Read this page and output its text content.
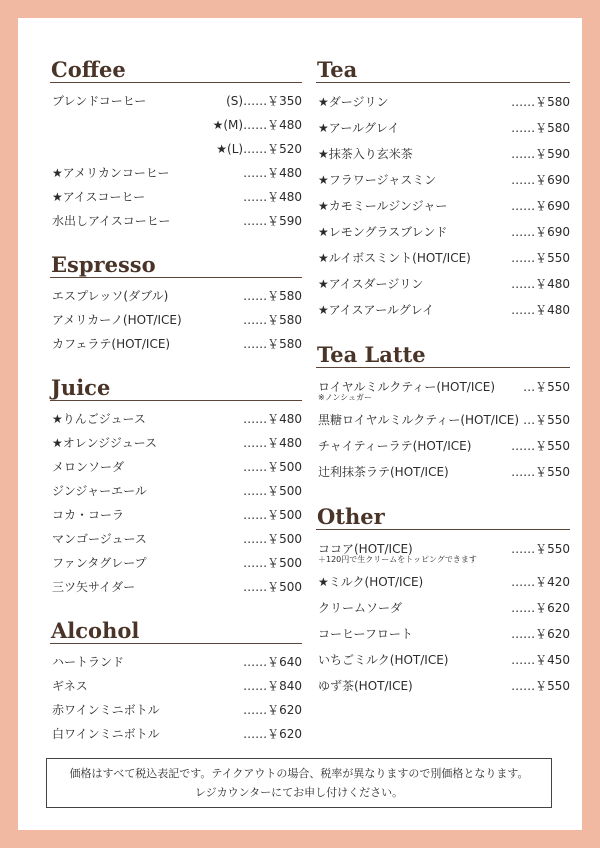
Coffee
ブレンドコーヒー	(S)……￥350
★(M)……￥480
★(L)……￥520
★アメリカンコーヒー	……￥480
★アイスコーヒー	……￥480
水出しアイスコーヒー	……￥590
Espresso
エスプレッソ(ダブル)	……￥580
アメリカーノ(HOT/ICE)	……￥580
カフェラテ(HOT/ICE)	……￥580
Juice
★りんごジュース	……￥480
★オレンジジュース	……￥480
メロンソーダ	……￥500
ジンジャーエール	……￥500
コカ・コーラ	……￥500
マンゴージュース	……￥500
ファンタグレープ	……￥500
三ツ矢サイダー	……￥500
Alcohol
ハートランド	……￥640
ギネス	……￥840
赤ワインミニボトル	……￥620
白ワインミニボトル	……￥620
Tea
★ダージリン	……￥580
★アールグレイ	……￥580
★抹茶入り玄米茶	……￥590
★フラワージャスミン	……￥690
★カモミールジンジャー	……￥690
★レモングラスブレンド	……￥690
★ルイボスミント(HOT/ICE)	……￥550
★アイスダージリン	……￥480
★アイスアールグレイ	……￥480
Tea Latte
ロイヤルミルクティー(HOT/ICE) …￥550
※ノンシュガー
黒糖ロイヤルミルクティー(HOT/ICE) …￥550
チャイティーラテ(HOT/ICE)	……￥550
辻利抹茶ラテ(HOT/ICE)	……￥550
Other
ココア(HOT/ICE)	……￥550
＋120円で生クリームをトッピングできます
★ミルク(HOT/ICE)	……￥420
クリームソーダ	……￥620
コーヒーフロート	……￥620
いちごミルク(HOT/ICE)	……￥450
ゆず茶(HOT/ICE)	……￥550
価格はすべて税込表記です。テイクアウトの場合、税率が異なりますので別価格となります。
レジカウンターにてお申し付けください。
